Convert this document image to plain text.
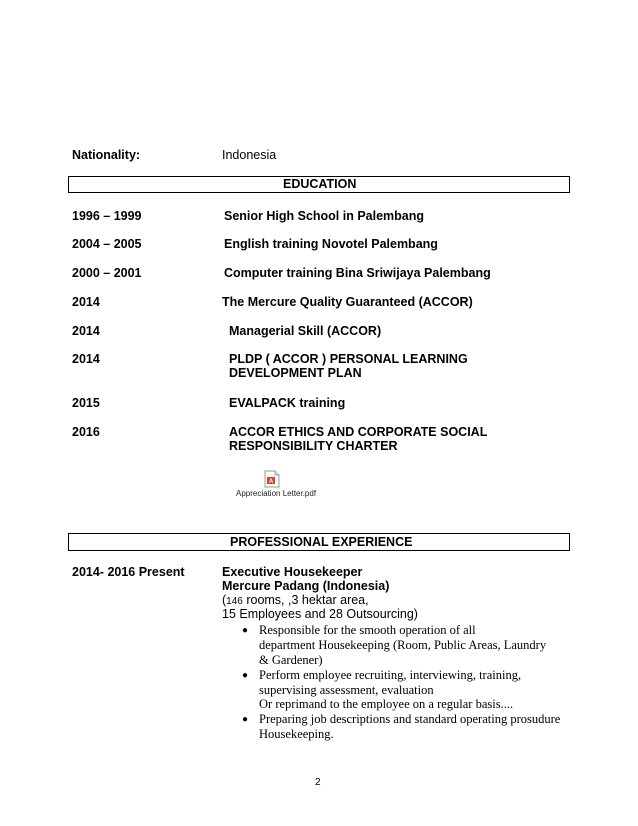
Nationality:	Indonesia
EDUCATION
1996 – 1999	Senior High School in Palembang
2004 – 2005	English training Novotel Palembang
2000 – 2001	Computer training Bina Sriwijaya Palembang
2014	The Mercure Quality Guaranteed (ACCOR)
2014	Managerial Skill (ACCOR)
2014	PLDP ( ACCOR ) PERSONAL LEARNING
DEVELOPMENT PLAN
2015	EVALPACK training
2016	ACCOR ETHICS AND CORPORATE SOCIAL
RESPONSIBILITY CHARTER
A
Appreciation Letter.pdf
PROFESSIONAL EXPERIENCE
2014- 2016 Present	Executive Housekeeper
Mercure Padang (Indonesia)
(146 rooms, ,3 hektar area,
15 Employees and 28 Outsourcing)
● Responsible for the smooth operation of all
department Housekeeping (Room, Public Areas, Laundry
& Gardener)
● Perform employee recruiting, interviewing, training,
supervising assessment, evaluation
Or reprimand to the employee on a regular basis....
● Preparing job descriptions and standard operating prosudure
Housekeeping.
2
